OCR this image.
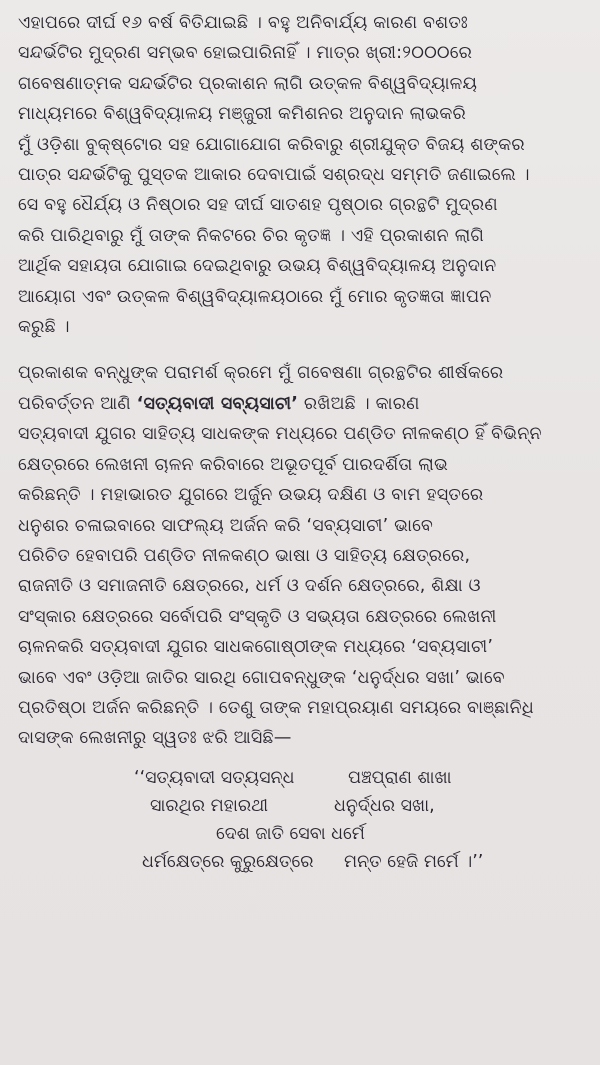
ଏହାପରେ ଦୀର୍ଘ ୧୬ ବର୍ଷ ବିତିଯାଇଛି । ବହୁ ଅନିବାର୍ଯ୍ୟ କାରଣ ବଶତଃ
ସନ୍ଦର୍ଭଟିର ମୁଦ୍ରଣ ସମ୍ଭବ ହୋଇପାରିନାହିଁ । ମାତ୍ର ଖ୍ରୀ:୨୦୦୦ରେ
ଗବେଷଣାତ୍ମକ ସନ୍ଦର୍ଭଟିର ପ୍ରକାଶନ ଲାଗି ଉତ୍କଳ ବିଶ୍ୱବିଦ୍ୟାଳୟ
ମାଧ୍ୟମରେ ବିଶ୍ୱବିଦ୍ୟାଳୟ ମଞ୍ଜୁରୀ କମିଶନର ଅନୁଦାନ ଲାଭକରି
ମୁଁ ଓଡ଼ିଶା ବୁକ୍‌ଷ୍ଟୋର ସହ ଯୋଗାଯୋଗ କରିବାରୁ ଶ୍ରୀଯୁକ୍ତ ବିଜୟ ଶଙ୍କର
ପାତ୍ର ସନ୍ଦର୍ଭଟିକୁ ପୁସ୍ତକ ଆକାର ଦେବାପାଇଁ ସଶ୍ରଦ୍ଧ ସମ୍ମତି ଜଣାଇଲେ ।
ସେ ବହୁ ଧୈର୍ଯ୍ୟ ଓ ନିଷ୍ଠାର ସହ ଦୀର୍ଘ ସାତଶହ ପୃଷ୍ଠାର ଗ୍ରନ୍ଥଟି ମୁଦ୍ରଣ
କରି ପାରିଥିବାରୁ ମୁଁ ତାଙ୍କ ନିକଟରେ ଚିର କୃତଜ୍ଞ । ଏହି ପ୍ରକାଶନ ଲାଗି
ଆର୍ଥିକ ସହାୟତା ଯୋଗାଇ ଦେଇଥିବାରୁ ଉଭୟ ବିଶ୍ୱବିଦ୍ୟାଳୟ ଅନୁଦାନ
ଆୟୋଗ ଏବଂ ଉତ୍କଳ ବିଶ୍ୱବିଦ୍ୟାଳୟଠାରେ ମୁଁ ମୋର କୃତଜ୍ଞତା ଜ୍ଞାପନ
କରୁଛି ।
ପ୍ରକାଶକ ବନ୍ଧୁଙ୍କ ପରାମର୍ଶ କ୍ରମେ ମୁଁ ଗବେଷଣା ଗ୍ରନ୍ଥଟିର ଶୀର୍ଷକରେ
ପରିବର୍ତ୍ତନ ଆଣି ‘ସତ୍ୟବାଦୀ ସବ୍ୟସାଚୀ’ ରଖିଅଛି । କାରଣ
ସତ୍ୟବାଦୀ ଯୁଗର ସାହିତ୍ୟ ସାଧକଙ୍କ ମଧ୍ୟରେ ପଣ୍ଡିତ ନୀଳକଣ୍ଠ ହିଁ ବିଭିନ୍ନ
କ୍ଷେତ୍ରରେ ଲେଖନୀ ଚାଳନ କରିବାରେ ଅଭୂତପୂର୍ବ ପାରଦର୍ଶିତା ଲାଭ
କରିଛନ୍ତି । ମହାଭାରତ ଯୁଗରେ ଅର୍ଜୁନ ଉଭୟ ଦକ୍ଷିଣ ଓ ବାମ ହସ୍ତରେ
ଧନୁଶର ଚଳାଇବାରେ ସାଫଲ୍ୟ ଅର୍ଜନ କରି ‘ସବ୍ୟସାଚୀ’ ଭାବେ
ପରିଚିତ ହେବାପରି ପଣ୍ଡିତ ନୀଳକଣ୍ଠ ଭାଷା ଓ ସାହିତ୍ୟ କ୍ଷେତ୍ରରେ,
ରାଜନୀତି ଓ ସମାଜନୀତି କ୍ଷେତ୍ରରେ, ଧର୍ମ ଓ ଦର୍ଶନ କ୍ଷେତ୍ରରେ, ଶିକ୍ଷା ଓ
ସଂସ୍କାର କ୍ଷେତ୍ରରେ ସର୍ବୋପରି ସଂସ୍କୃତି ଓ ସଭ୍ୟତା କ୍ଷେତ୍ରରେ ଲେଖନୀ
ଚାଳନକରି ସତ୍ୟବାଦୀ ଯୁଗର ସାଧକଗୋଷ୍ଠୀଙ୍କ ମଧ୍ୟରେ ‘ସବ୍ୟସାଚୀ’
ଭାବେ ଏବଂ ଓଡ଼ିଆ ଜାତିର ସାରଥି ଗୋପବନ୍ଧୁଙ୍କ ‘ଧନୁର୍ଦ୍ଧର ସଖା’ ଭାବେ
ପ୍ରତିଷ୍ଠା ଅର୍ଜନ କରିଛନ୍ତି । ତେଣୁ ତାଙ୍କ ମହାପ୍ରୟାଣ ସମୟରେ ବାଞ୍ଛାନିଧି
ଦାସଙ୍କ ଲେଖନୀରୁ ସ୍ୱତଃ ଝରି ଆସିଛି—
‘‘ସତ୍ୟବାଦୀ ସତ୍ୟସନ୍ଧ	ପଞ୍ଚପ୍ରାଣ ଶାଖା
ସାରଥିର ମହାରଥୀ	ଧନୁର୍ଦ୍ଧର ସଖା,
ଦେଶ ଜାତି ସେବା ଧର୍ମେ
ଧର୍ମକ୍ଷେତ୍ରେ କୁରୁକ୍ଷେତ୍ରେ ମନ୍ତ ହେଜି ମର୍ମେ ।’’
